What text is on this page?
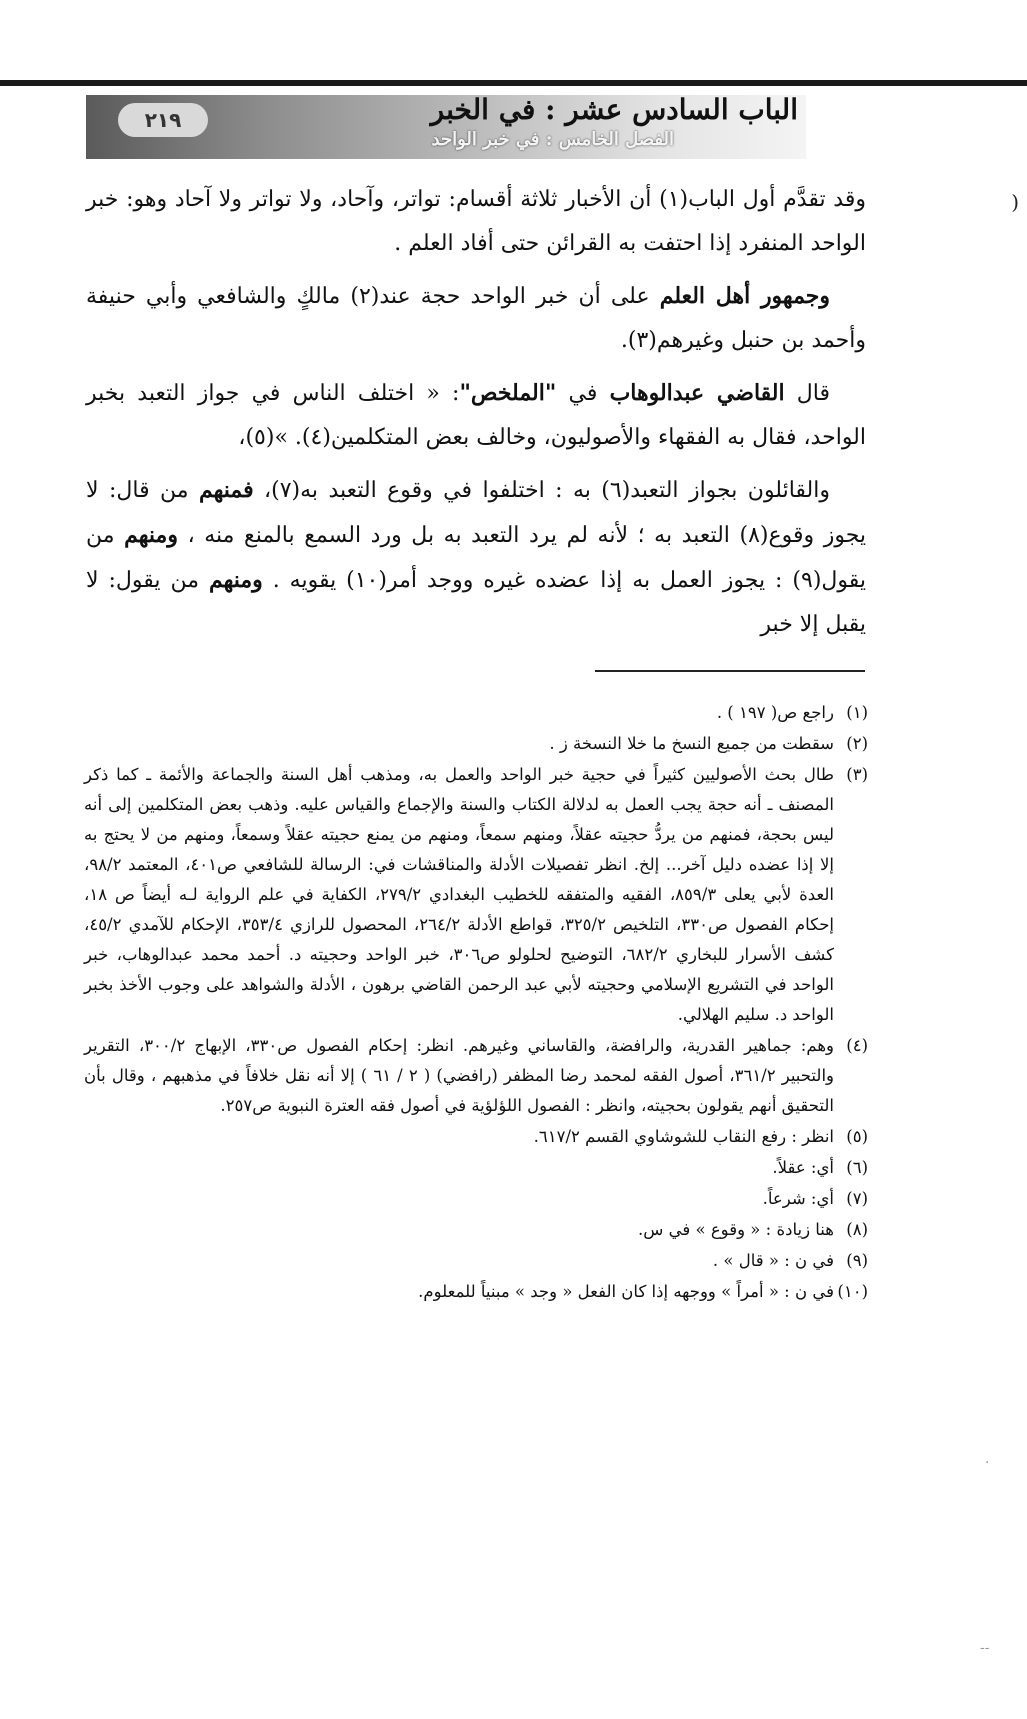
٢١٩	الباب السادس عشر : في الخبر
الفصل الخامس : في خبر الواحد
(

وقد تقدَّم أول الباب(١) أن الأخبار ثلاثة أقسام: تواتر، وآحاد، ولا تواتر ولا آحاد وهو: خبر الواحد المنفرد إذا احتفت به القرائن حتى أفاد العلم .

وجمهور أهل العلم على أن خبر الواحد حجة عند(٢) مالكٍ والشافعي وأبي حنيفة وأحمد بن حنبل وغيرهم(٣).

قال القاضي عبدالوهاب في "الملخص": « اختلف الناس في جواز التعبد بخبر الواحد، فقال به الفقهاء والأصوليون، وخالف بعض المتكلمين(٤). »(٥)،

والقائلون بجواز التعبد(٦) به : اختلفوا في وقوع التعبد به(٧)، فمنهم من قال: لا يجوز وقوع(٨) التعبد به ؛ لأنه لم يرد التعبد به بل ورد السمع بالمنع منه ، ومنهم من يقول(٩) : يجوز العمل به إذا عضده غيره ووجد أمر(١٠) يقويه . ومنهم من يقول: لا يقبل إلا خبر

(١)
راجع ص( ١٩٧ ) .
(٢)
سقطت من جميع النسخ ما خلا النسخة ز .
(٣)
طال بحث الأصوليين كثيراً في حجية خبر الواحد والعمل به، ومذهب أهل السنة والجماعة والأئمة ـ كما ذكر المصنف ـ أنه حجة يجب العمل به لدلالة الكتاب والسنة والإجماع والقياس عليه. وذهب بعض المتكلمين إلى أنه ليس بحجة، فمنهم من يردُّ حجيته عقلاً، ومنهم سمعاً، ومنهم من يمنع حجيته عقلاً وسمعاً، ومنهم من لا يحتج به إلا إذا عضده دليل آخر... إلخ. انظر تفصيلات الأدلة والمناقشات في: الرسالة للشافعي ص٤٠١، المعتمد ٩٨/٢، العدة لأبي يعلى ٨٥٩/٣، الفقيه والمتفقه للخطيب البغدادي ٢٧٩/٢، الكفاية في علم الرواية لـه أيضاً ص ١٨، إحكام الفصول ص٣٣٠، التلخيص ٣٢٥/٢، قواطع الأدلة ٢٦٤/٢، المحصول للرازي ٣٥٣/٤، الإحكام للآمدي ٤٥/٢، كشف الأسرار للبخاري ٦٨٢/٢، التوضيح لحلولو ص٣٠٦، خبر الواحد وحجيته د. أحمد محمد عبدالوهاب، خبر الواحد في التشريع الإسلامي وحجيته لأبي عبد الرحمن القاضي برهون ، الأدلة والشواهد على وجوب الأخذ بخبر الواحد د. سليم الهلالي.
(٤)
وهم: جماهير القدرية، والرافضة، والقاساني وغيرهم. انظر: إحكام الفصول ص٣٣٠، الإبهاج ٣٠٠/٢، التقرير والتحبير ٣٦١/٢، أصول الفقه لمحمد رضا المظفر (رافضي) ( ٢ / ٦١ ) إلا أنه نقل خلافاً في مذهبهم ، وقال بأن التحقيق أنهم يقولون بحجيته، وانظر : الفصول اللؤلؤية في أصول فقه العترة النبوية ص٢٥٧.
(٥)
انظر : رفع النقاب للشوشاوي القسم ٦١٧/٢.
(٦)
أي: عقلاً.
(٧)
أي: شرعاً.
(٨)
هنا زيادة : « وقوع » في س.
(٩)
في ن : « قال » .
(١٠)
في ن : « أمراً » ووجهه إذا كان الفعل « وجد » مبنياً للمعلوم.
·
--
